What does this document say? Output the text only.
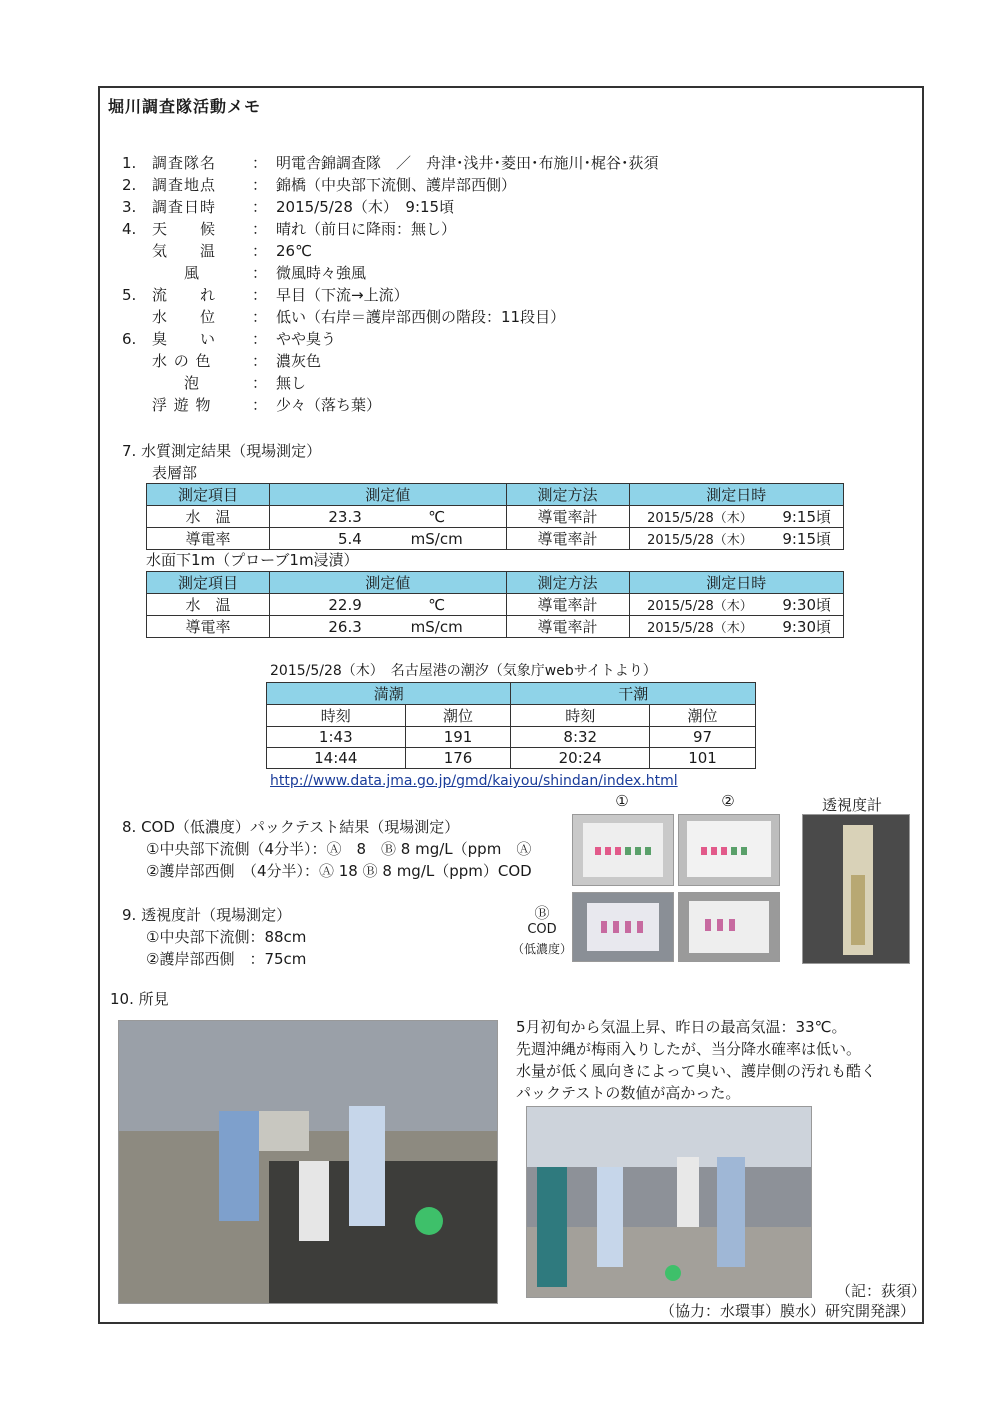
堀川調査隊活動メモ
1. 調査隊名	： 明電舎錦調査隊　／　舟津･浅井･菱田･布施川･梶谷･荻須
2. 調査地点	： 錦橋（中央部下流側、護岸部西側）
3. 調査日時	： 2015/5/28（木）　9:15頃
4. 天　　候	： 晴れ（前日に降雨：無し）
気　　温	： 26℃
　　風	： 微風時々強風
5. 流　　れ	： 早目（下流→上流）
水　　位	： 低い（右岸＝護岸部西側の階段：11段目）
6. 臭　　い	： やや臭う
水 の 色	： 濃灰色
　　泡	： 無し
浮 遊 物	： 少々（落ち葉）
7. 水質測定結果（現場測定）
表層部
測定項目	測定値		測定方法	測定日時	
水　温	23.3	℃	導電率計	2015/5/28（木）	9:15頃
導電率	5.4	mS/cm	導電率計	2015/5/28（木）	9:15頃
水面下1m（プローブ1m浸漬）
測定項目	測定値		測定方法	測定日時	
水　温	22.9	℃	導電率計	2015/5/28（木）	9:30頃
導電率	26.3	mS/cm	導電率計	2015/5/28（木）	9:30頃
2015/5/28（木）　名古屋港の潮汐（気象庁webサイトより）
満潮		干潮	
時刻	潮位	時刻	潮位
1:43	191	8:32	97
14:44	176	20:24	101
http://www.data.jma.go.jp/gmd/kaiyou/shindan/index.html
8. COD（低濃度）パックテスト結果（現場測定）
①中央部下流側（4分半）：Ⓐ　8　Ⓑ 8 mg/L（ppm　Ⓐ
②護岸部西側　（4分半）：Ⓐ 18 Ⓑ 8 mg/L（ppm）COD
9. 透視度計（現場測定）
①中央部下流側：88cm
②護岸部西側　：75cm
①	②	透視度計
Ⓑ
COD
（低濃度）
10. 所見
5月初旬から気温上昇、昨日の最高気温：33℃。
先週沖縄が梅雨入りしたが、当分降水確率は低い。
水量が低く風向きによって臭い、護岸側の汚れも酷く
パックテストの数値が高かった。
（記：荻須）
（協力：水環事）膜水）研究開発課）
